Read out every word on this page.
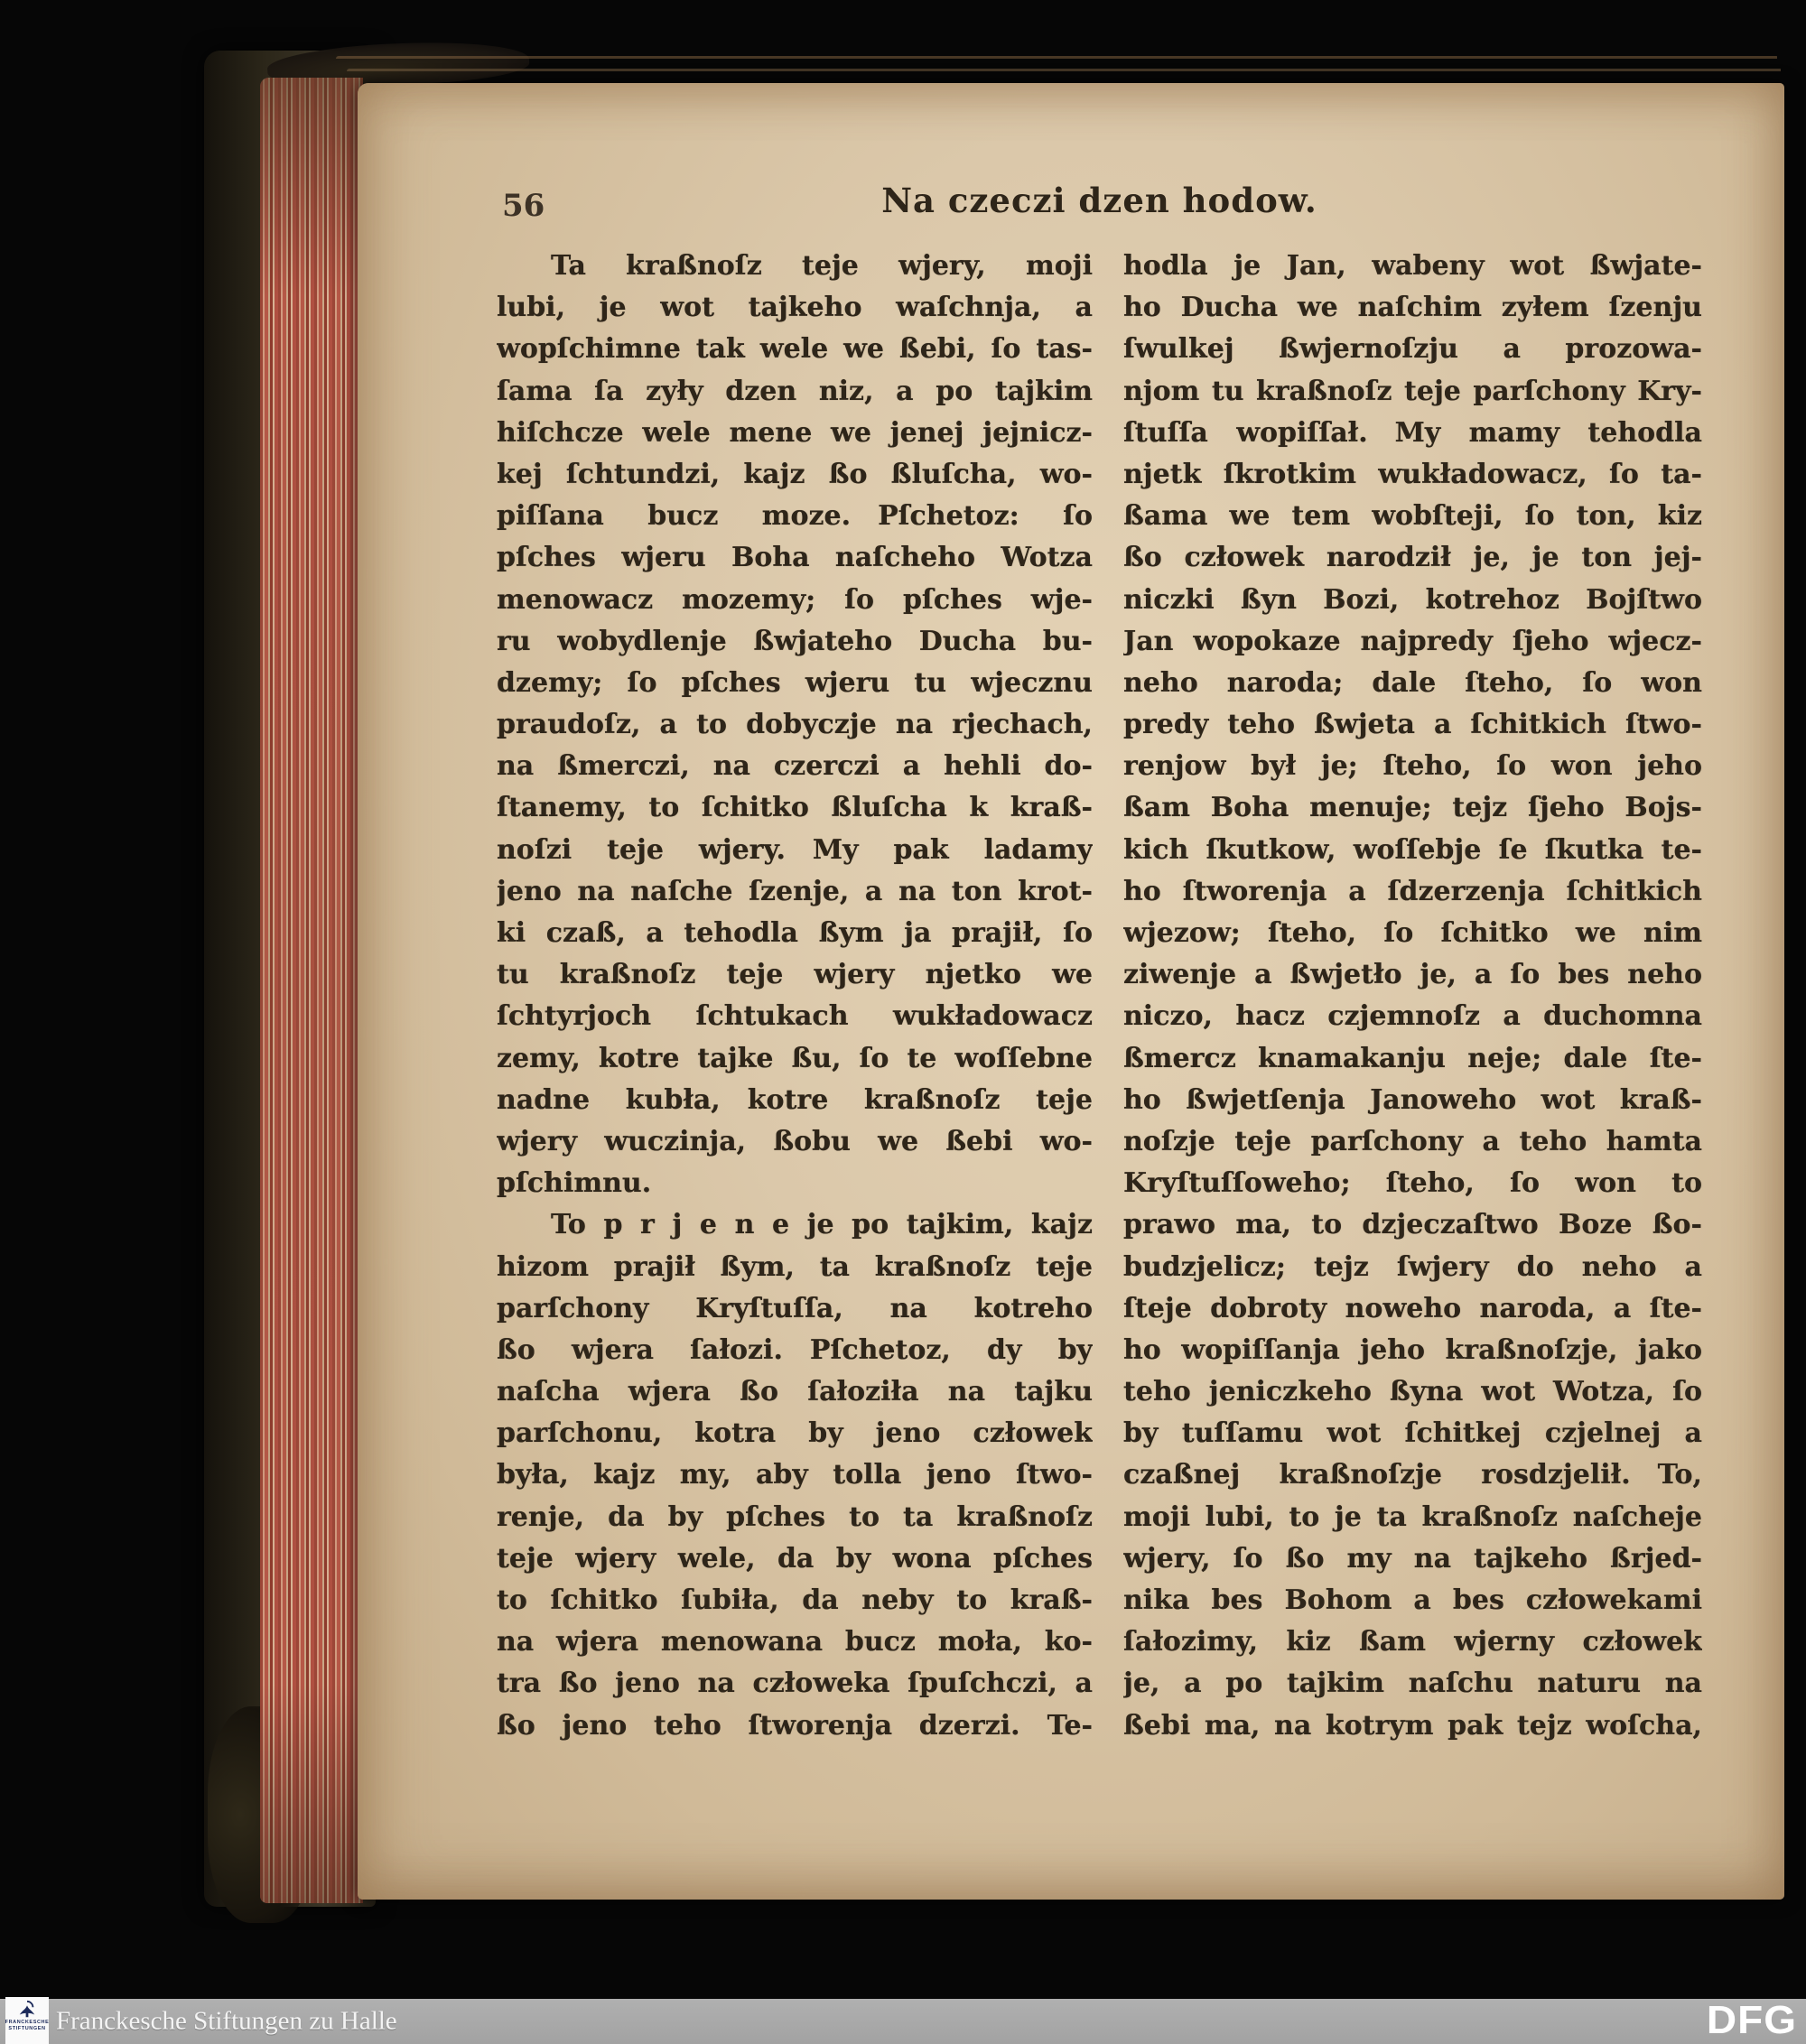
56	Na czeczi dzen hodow.
  Ta kraßnoſz teje wjery, moji
lubi, je wot tajkeho waſchnja, a
wopſchimne tak wele we ßebi, ſo tas-
ſama ſa zyły dzen niz, a po tajkim
hiſchcze wele mene we jenej jejnicz-
kej ſchtundzi, kajz ßo ßluſcha, wo-
piſſana bucz moze. Pſchetoz: ſo
pſches wjeru Boha naſcheho Wotza
menowacz mozemy; ſo pſches wje-
ru wobydlenje ßwjateho Ducha bu-
dzemy; ſo pſches wjeru tu wjecznu
praudoſz, a to dobyczje na rjechach,
na ßmerczi, na czerczi a hehli do-
ſtanemy, to ſchitko ßluſcha k kraß-
noſzi teje wjery. My pak ladamy
jeno na naſche ſzenje, a na ton krot-
ki czaß, a tehodla ßym ja prajił, ſo
tu kraßnoſz teje wjery njetko we
ſchtyrjoch ſchtukach wukładowacz
zemy, kotre tajke ßu, ſo te woſſebne
nadne kubła, kotre kraßnoſz teje
wjery wuczinja, ßobu we ßebi wo-
pſchimnu.
  To p r j e n e je po tajkim, kajz
hizom prajił ßym, ta kraßnoſz teje
parſchony Kryſtuſſa, na kotreho
ßo wjera ſałozi. Pſchetoz, dy by
naſcha wjera ßo ſałoziła na tajku
parſchonu, kotra by jeno człowek
była, kajz my, aby tolla jeno ſtwo-
renje, da by pſches to ta kraßnoſz
teje wjery wele, da by wona pſches
to ſchitko ſubiła, da neby to kraß-
na wjera menowana bucz moła, ko-
tra ßo jeno na człoweka ſpuſchczi, a
ßo jeno teho ſtworenja dzerzi. Te-
hodla je Jan, wabeny wot ßwjate-
ho Ducha we naſchim zyłem ſzenju
ſwulkej ßwjernoſzju a prozowa-
njom tu kraßnoſz teje parſchony Kry-
ſtuſſa wopiſſał. My mamy tehodla
njetk ſkrotkim wukładowacz, ſo ta-
ßama we tem wobſteji, ſo ton, kiz
ßo człowek narodził je, je ton jej-
niczki ßyn Bozi, kotrehoz Bojſtwo
Jan wopokaze najpredy ſjeho wjecz-
neho naroda; dale ſteho, ſo won
predy teho ßwjeta a ſchitkich ſtwo-
renjow był je; ſteho, ſo won jeho
ßam Boha menuje; tejz ſjeho Bojs-
kich ſkutkow, woſſebje ſe ſkutka te-
ho ſtworenja a ſdzerzenja ſchitkich
wjezow; ſteho, ſo ſchitko we nim
ziwenje a ßwjetło je, a ſo bes neho
niczo, hacz czjemnoſz a duchomna
ßmercz knamakanju neje; dale ſte-
ho ßwjetſenja Janoweho wot kraß-
noſzje teje parſchony a teho hamta
Kryſtuſſoweho; ſteho, ſo won to
prawo ma, to dzjeczaſtwo Boze ßo-
budzjelicz; tejz ſwjery do neho a
ſteje dobroty noweho naroda, a ſte-
ho wopiſſanja jeho kraßnoſzje, jako
teho jeniczkeho ßyna wot Wotza, ſo
by tuſſamu wot ſchitkej czjelnej a
czaßnej kraßnoſzje rosdzjelił. To,
moji lubi, to je ta kraßnoſz naſcheje
wjery, ſo ßo my na tajkeho ßrjed-
nika bes Bohom a bes człowekami
ſałozimy, kiz ßam wjerny człowek
je, a po tajkim naſchu naturu na
ßebi ma, na kotrym pak tejz woſcha,
Franckesche Stiftungen zu Halle	DFG
FRANCKESCHE
STIFTUNGEN
